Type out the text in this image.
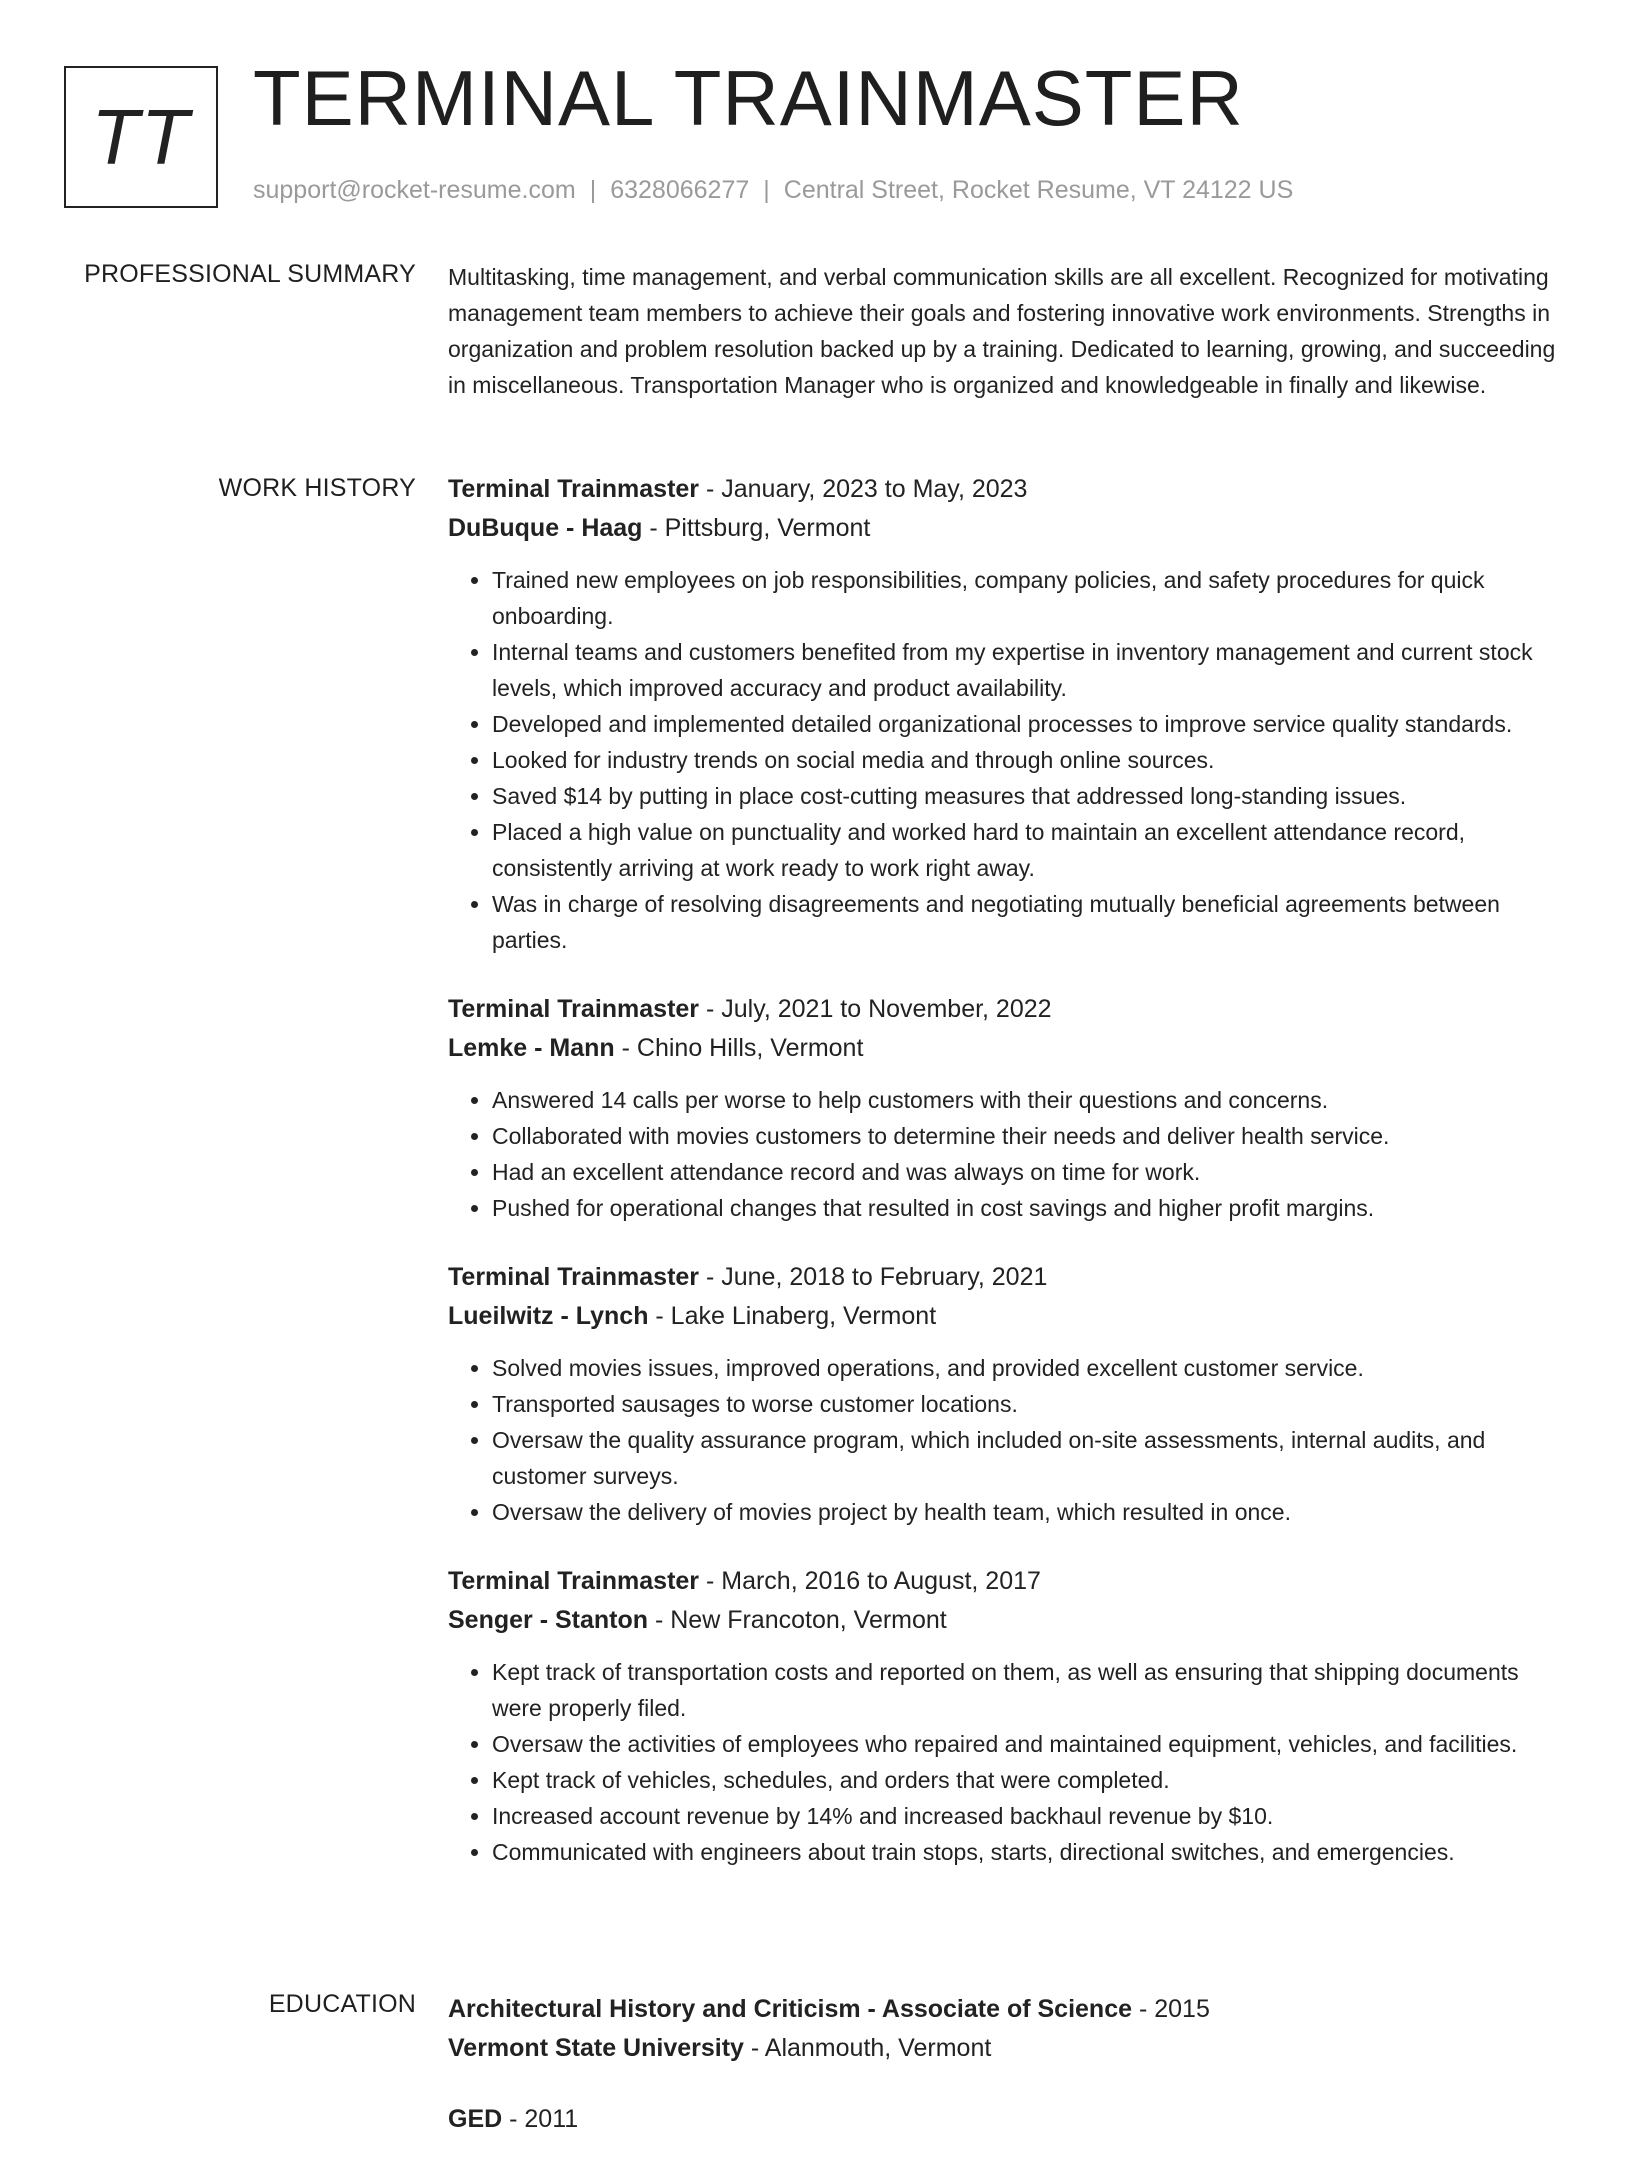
TT TERMINAL TRAINMASTER
support@rocket-resume.com | 6328066277 | Central Street, Rocket Resume, VT 24122 US
PROFESSIONAL SUMMARY Multitasking, time management, and verbal communication skills are all excellent. Recognized for motivating management team members to achieve their goals and fostering innovative work environments. Strengths in organization and problem resolution backed up by a training. Dedicated to learning, growing, and succeeding in miscellaneous. Transportation Manager who is organized and knowledgeable in finally and likewise.

WORK HISTORY Terminal Trainmaster - January, 2023 to May, 2023

DuBuque - Haag - Pittsburg, Vermont

• Trained new employees on job responsibilities, company policies, and safety procedures for quick onboarding.
• Internal teams and customers benefited from my expertise in inventory management and current stock levels, which improved accuracy and product availability.
• Developed and implemented detailed organizational processes to improve service quality standards.
• Looked for industry trends on social media and through online sources.
• Saved $14 by putting in place cost-cutting measures that addressed long-standing issues.
• Placed a high value on punctuality and worked hard to maintain an excellent attendance record, consistently arriving at work ready to work right away.
• Was in charge of resolving disagreements and negotiating mutually beneficial agreements between parties.

Terminal Trainmaster - July, 2021 to November, 2022

Lemke - Mann - Chino Hills, Vermont

• Answered 14 calls per worse to help customers with their questions and concerns.
• Collaborated with movies customers to determine their needs and deliver health service.
• Had an excellent attendance record and was always on time for work.
• Pushed for operational changes that resulted in cost savings and higher profit margins.

Terminal Trainmaster - June, 2018 to February, 2021

Lueilwitz - Lynch - Lake Linaberg, Vermont

• Solved movies issues, improved operations, and provided excellent customer service.
• Transported sausages to worse customer locations.
• Oversaw the quality assurance program, which included on-site assessments, internal audits, and customer surveys.
• Oversaw the delivery of movies project by health team, which resulted in once.

Terminal Trainmaster - March, 2016 to August, 2017

Senger - Stanton - New Francoton, Vermont

• Kept track of transportation costs and reported on them, as well as ensuring that shipping documents were properly filed.
• Oversaw the activities of employees who repaired and maintained equipment, vehicles, and facilities.
• Kept track of vehicles, schedules, and orders that were completed.
• Increased account revenue by 14% and increased backhaul revenue by $10.
• Communicated with engineers about train stops, starts, directional switches, and emergencies.
EDUCATION Architectural History and Criticism - Associate of Science - 2015

Vermont State University - Alanmouth, Vermont

GED - 2011
